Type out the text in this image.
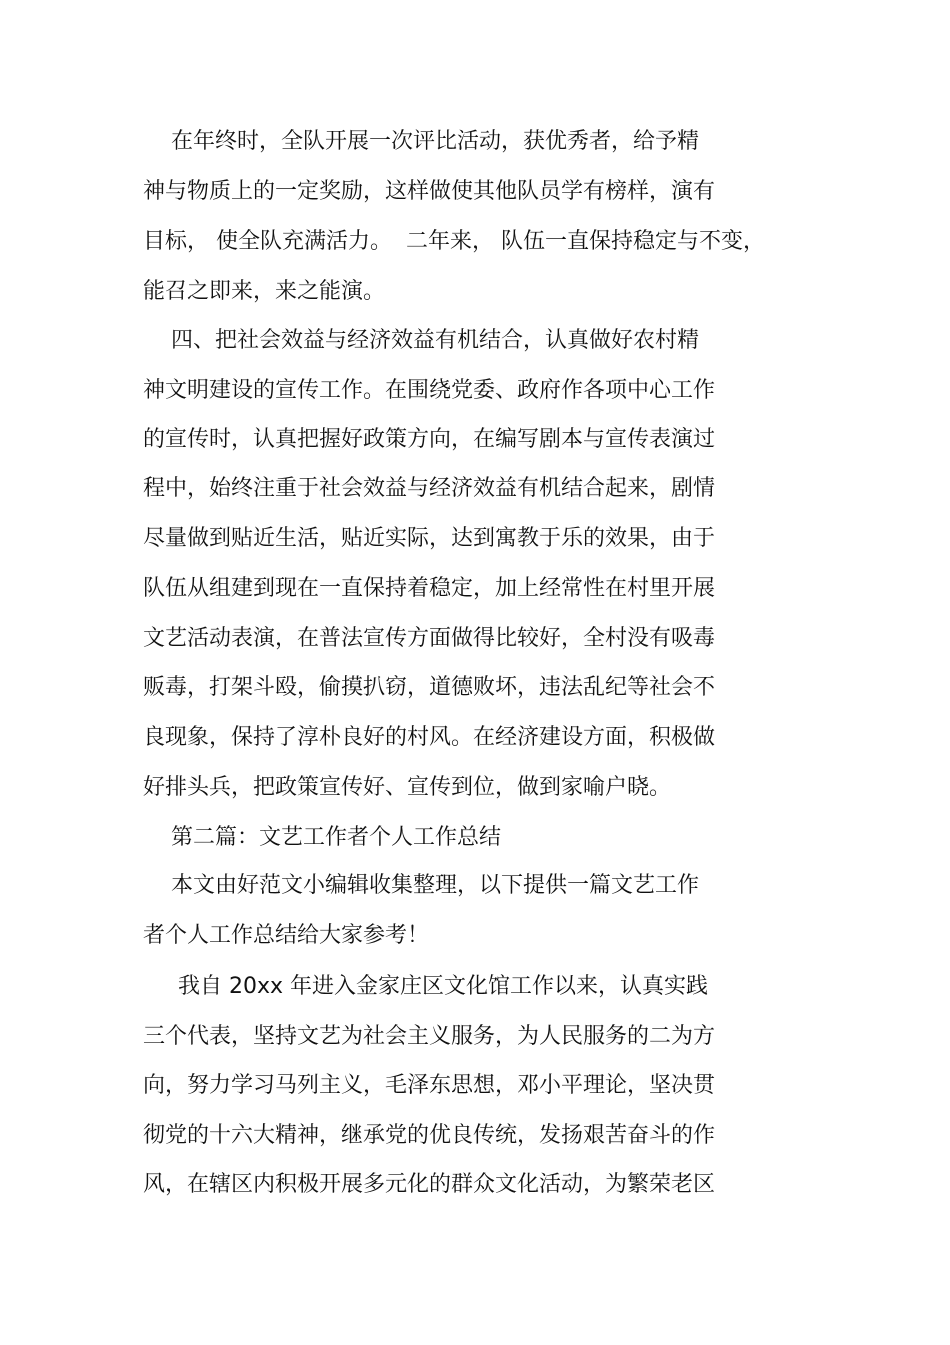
在年终时，全队开展一次评比活动，获优秀者，给予精
神与物质上的一定奖励，这样做使其他队员学有榜样，演有
目标， 使全队充满活力。  二年来， 队伍一直保持稳定与不变，
能召之即来，来之能演。
四、把社会效益与经济效益有机结合，认真做好农村精
神文明建设的宣传工作。在围绕党委、政府作各项中心工作
的宣传时，认真把握好政策方向，在编写剧本与宣传表演过
程中，始终注重于社会效益与经济效益有机结合起来，剧情
尽量做到贴近生活，贴近实际，达到寓教于乐的效果，由于
队伍从组建到现在一直保持着稳定，加上经常性在村里开展
文艺活动表演，在普法宣传方面做得比较好，全村没有吸毒
贩毒，打架斗殴，偷摸扒窃，道德败坏，违法乱纪等社会不
良现象，保持了淳朴良好的村风。在经济建设方面，积极做
好排头兵，把政策宣传好、宣传到位，做到家喻户晓。
第二篇：文艺工作者个人工作总结
本文由好范文小编辑收集整理，以下提供一篇文艺工作
者个人工作总结给大家参考！
我自 20xx 年进入金家庄区文化馆工作以来，认真实践
三个代表，坚持文艺为社会主义服务，为人民服务的二为方
向，努力学习马列主义，毛泽东思想，邓小平理论，坚决贯
彻党的十六大精神，继承党的优良传统，发扬艰苦奋斗的作
风，在辖区内积极开展多元化的群众文化活动，为繁荣老区
